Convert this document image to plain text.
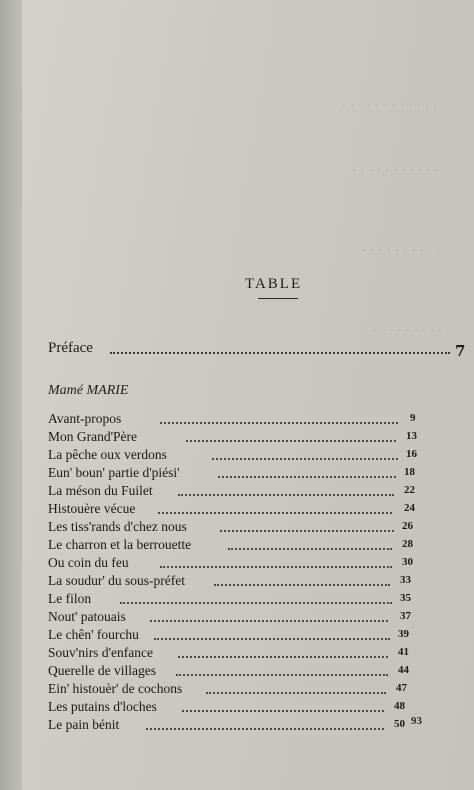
. . . . . . . . . . . .
. . . . . . . . . . .
. . . . . . . . . .
. . . . . . . . .
TABLE
Préface	7
Mamé MARIE
Avant-propos	9
Mon Grand'Père	13
La pêche oux verdons	16
Eun' boun' partie d'piési'	18
La méson du Fuilet	22
Histouère vécue	24
Les tiss'rands d'chez nous	26
Le charron et la berrouette	28
Ou coin du feu	30
La soudur' du sous-préfet	33
Le filon	35
Nout' patouais	37
Le chên' fourchu	39
Souv'nirs d'enfance	41
Querelle de villages	44
Ein' histouèr' de cochons	47
Les putains d'loches	48
Le pain bénit	50 93
